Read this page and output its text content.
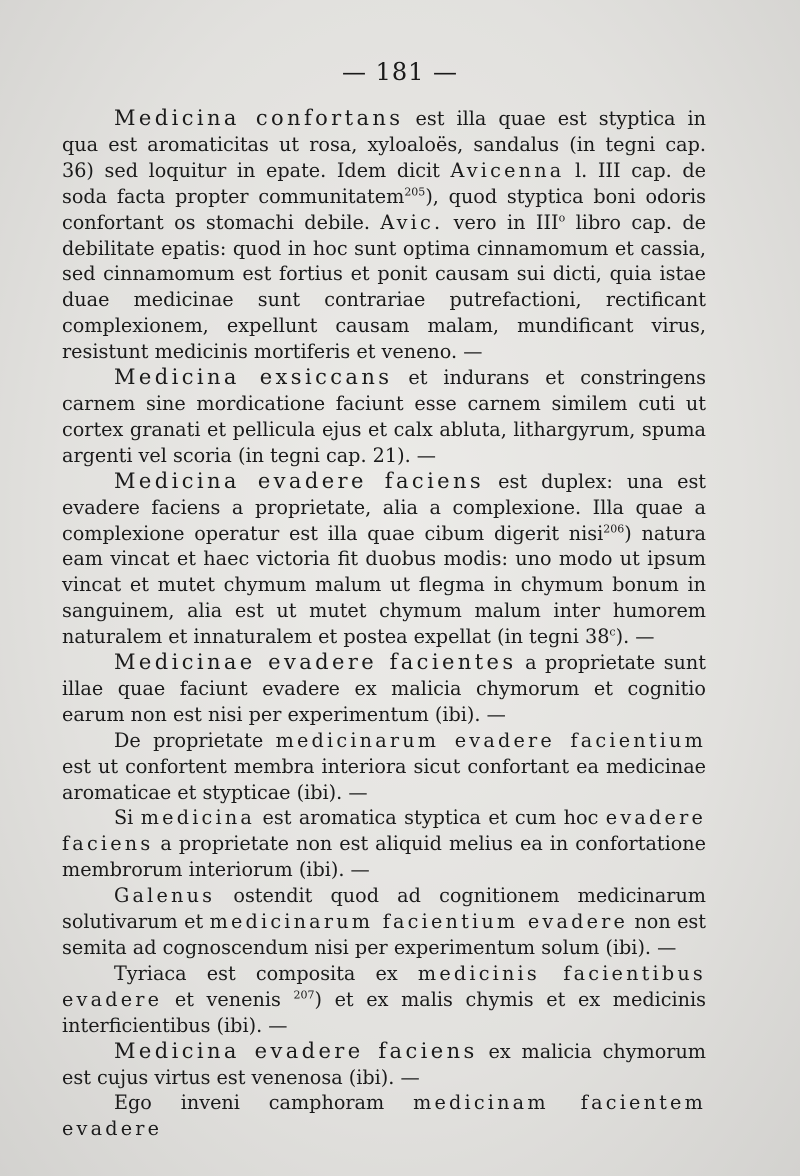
— 181 —

Medicina confortans est illa quae est styptica in qua est aromaticitas ut rosa, xyloaloës, sandalus (in tegni cap. 36) sed loquitur in epate. Idem dicit Avicenna l. III cap. de soda facta propter communitatem$^{205}$), quod styptica boni odoris confortant os stomachi debile. Avic. vero in III$^o$ libro cap. de debilitate epatis: quod in hoc sunt optima cinnamomum et cassia, sed cinnamomum est fortius et ponit causam sui dicti, quia istae duae medicinae sunt contrariae putrefactioni, rectificant complexionem, expellunt causam malam, mundificant virus, resistunt medicinis mortiferis et veneno. —

Medicina exsiccans et indurans et constringens carnem sine mordicatione faciunt esse carnem similem cuti ut cortex granati et pellicula ejus et calx abluta, lithargyrum, spuma argenti vel scoria (in tegni cap. 21). —

Medicina evadere faciens est duplex: una est evadere faciens a proprietate, alia a complexione. Illa quae a complexione operatur est illa quae cibum digerit nisi$^{206}$) natura eam vincat et haec victoria fit duobus modis: uno modo ut ipsum vincat et mutet chymum malum ut flegma in chymum bonum in sanguinem, alia est ut mutet chymum malum inter humorem naturalem et innaturalem et postea expellat (in tegni 38$^c$). —

Medicinae evadere facientes a proprietate sunt illae quae faciunt evadere ex malicia chymorum et cognitio earum non est nisi per experimentum (ibi). —

De proprietate medicinarum evadere facientium est ut confortent membra interiora sicut confortant ea medicinae aromaticae et stypticae (ibi). —

Si medicina est aromatica styptica et cum hoc evadere faciens a proprietate non est aliquid melius ea in confortatione membrorum interiorum (ibi). —

Galenus ostendit quod ad cognitionem medicinarum solutivarum et medicinarum facientium evadere non est semita ad cognoscendum nisi per experimentum solum (ibi). —

Tyriaca est composita ex medicinis facientibus evadere et venenis $^{207}$) et ex malis chymis et ex medicinis interficientibus (ibi). —

Medicina evadere faciens ex malicia chymorum est cujus virtus est venenosa (ibi). —

Ego inveni camphoram medicinam facientem evadere
